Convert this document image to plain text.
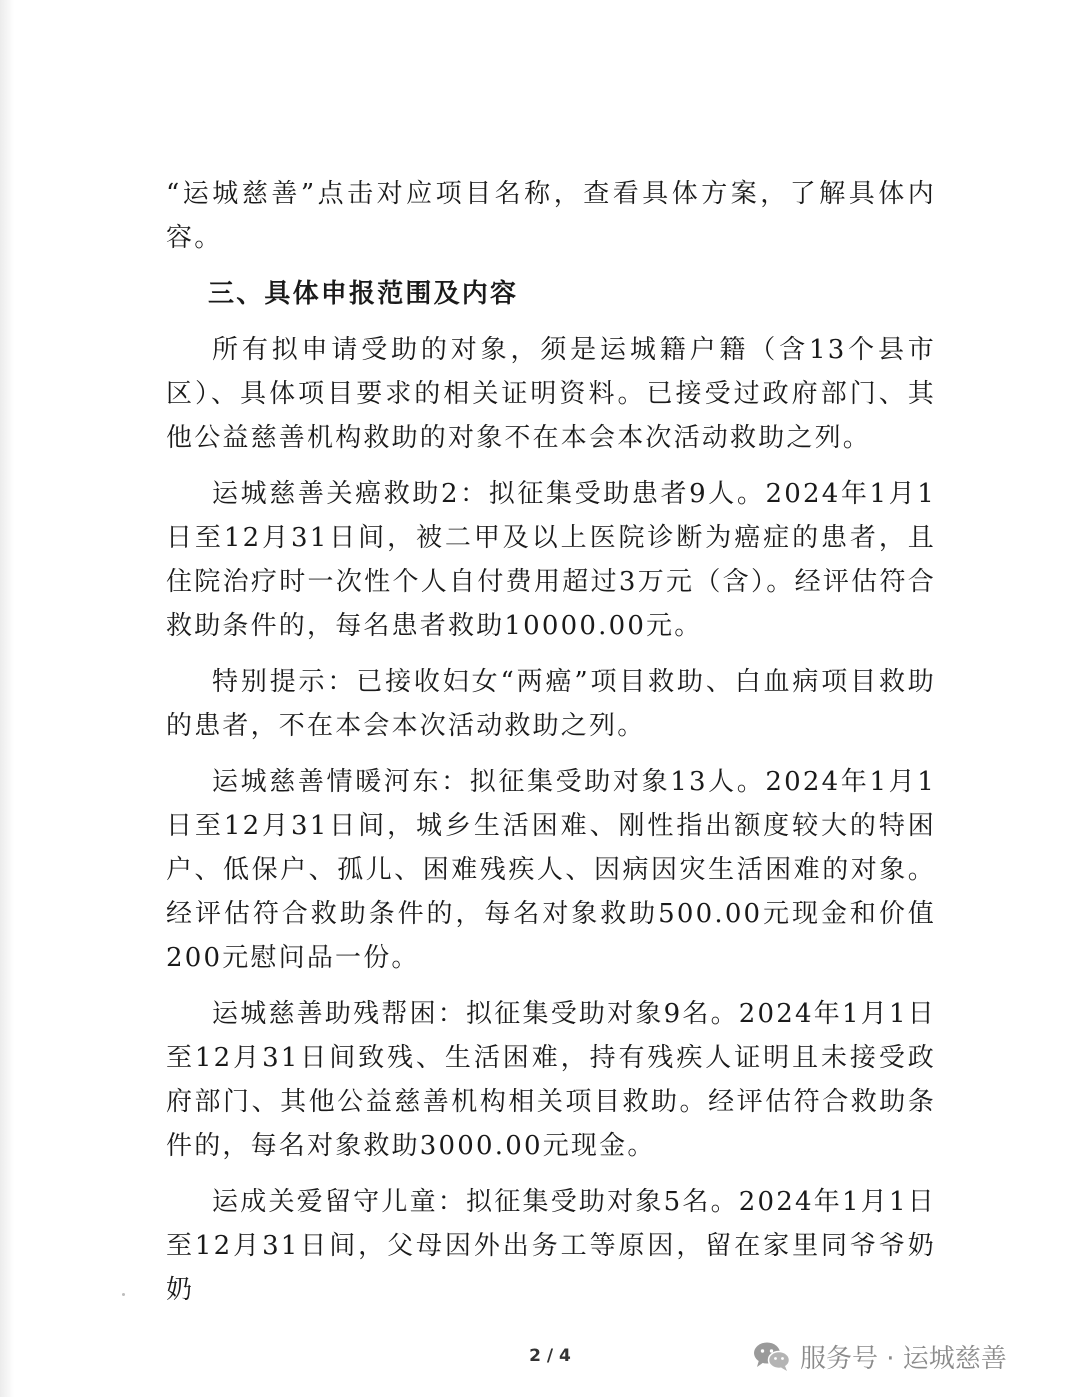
“运城慈善”点击对应项目名称，查看具体方案，了解具体内容。

三、具体申报范围及内容

所有拟申请受助的对象，须是运城籍户籍（含13个县市区）、具体项目要求的相关证明资料。已接受过政府部门、其他公益慈善机构救助的对象不在本会本次活动救助之列。

运城慈善关癌救助2：拟征集受助患者9人。2024年1月1日至12月31日间，被二甲及以上医院诊断为癌症的患者，且住院治疗时一次性个人自付费用超过3万元（含）。经评估符合救助条件的，每名患者救助10000.00元。

特别提示：已接收妇女“两癌”项目救助、白血病项目救助的患者，不在本会本次活动救助之列。

运城慈善情暖河东：拟征集受助对象13人。2024年1月1日至12月31日间，城乡生活困难、刚性指出额度较大的特困户、低保户、孤儿、困难残疾人、因病因灾生活困难的对象。经评估符合救助条件的，每名对象救助500.00元现金和价值200元慰问品一份。

运城慈善助残帮困：拟征集受助对象9名。2024年1月1日至12月31日间致残、生活困难，持有残疾人证明且未接受政府部门、其他公益慈善机构相关项目救助。经评估符合救助条件的，每名对象救助3000.00元现金。

运成关爱留守儿童：拟征集受助对象5名。2024年1月1日至12月31日间，父母因外出务工等原因，留在家里同爷爷奶奶

2 / 4	服务号 · 运城慈善
